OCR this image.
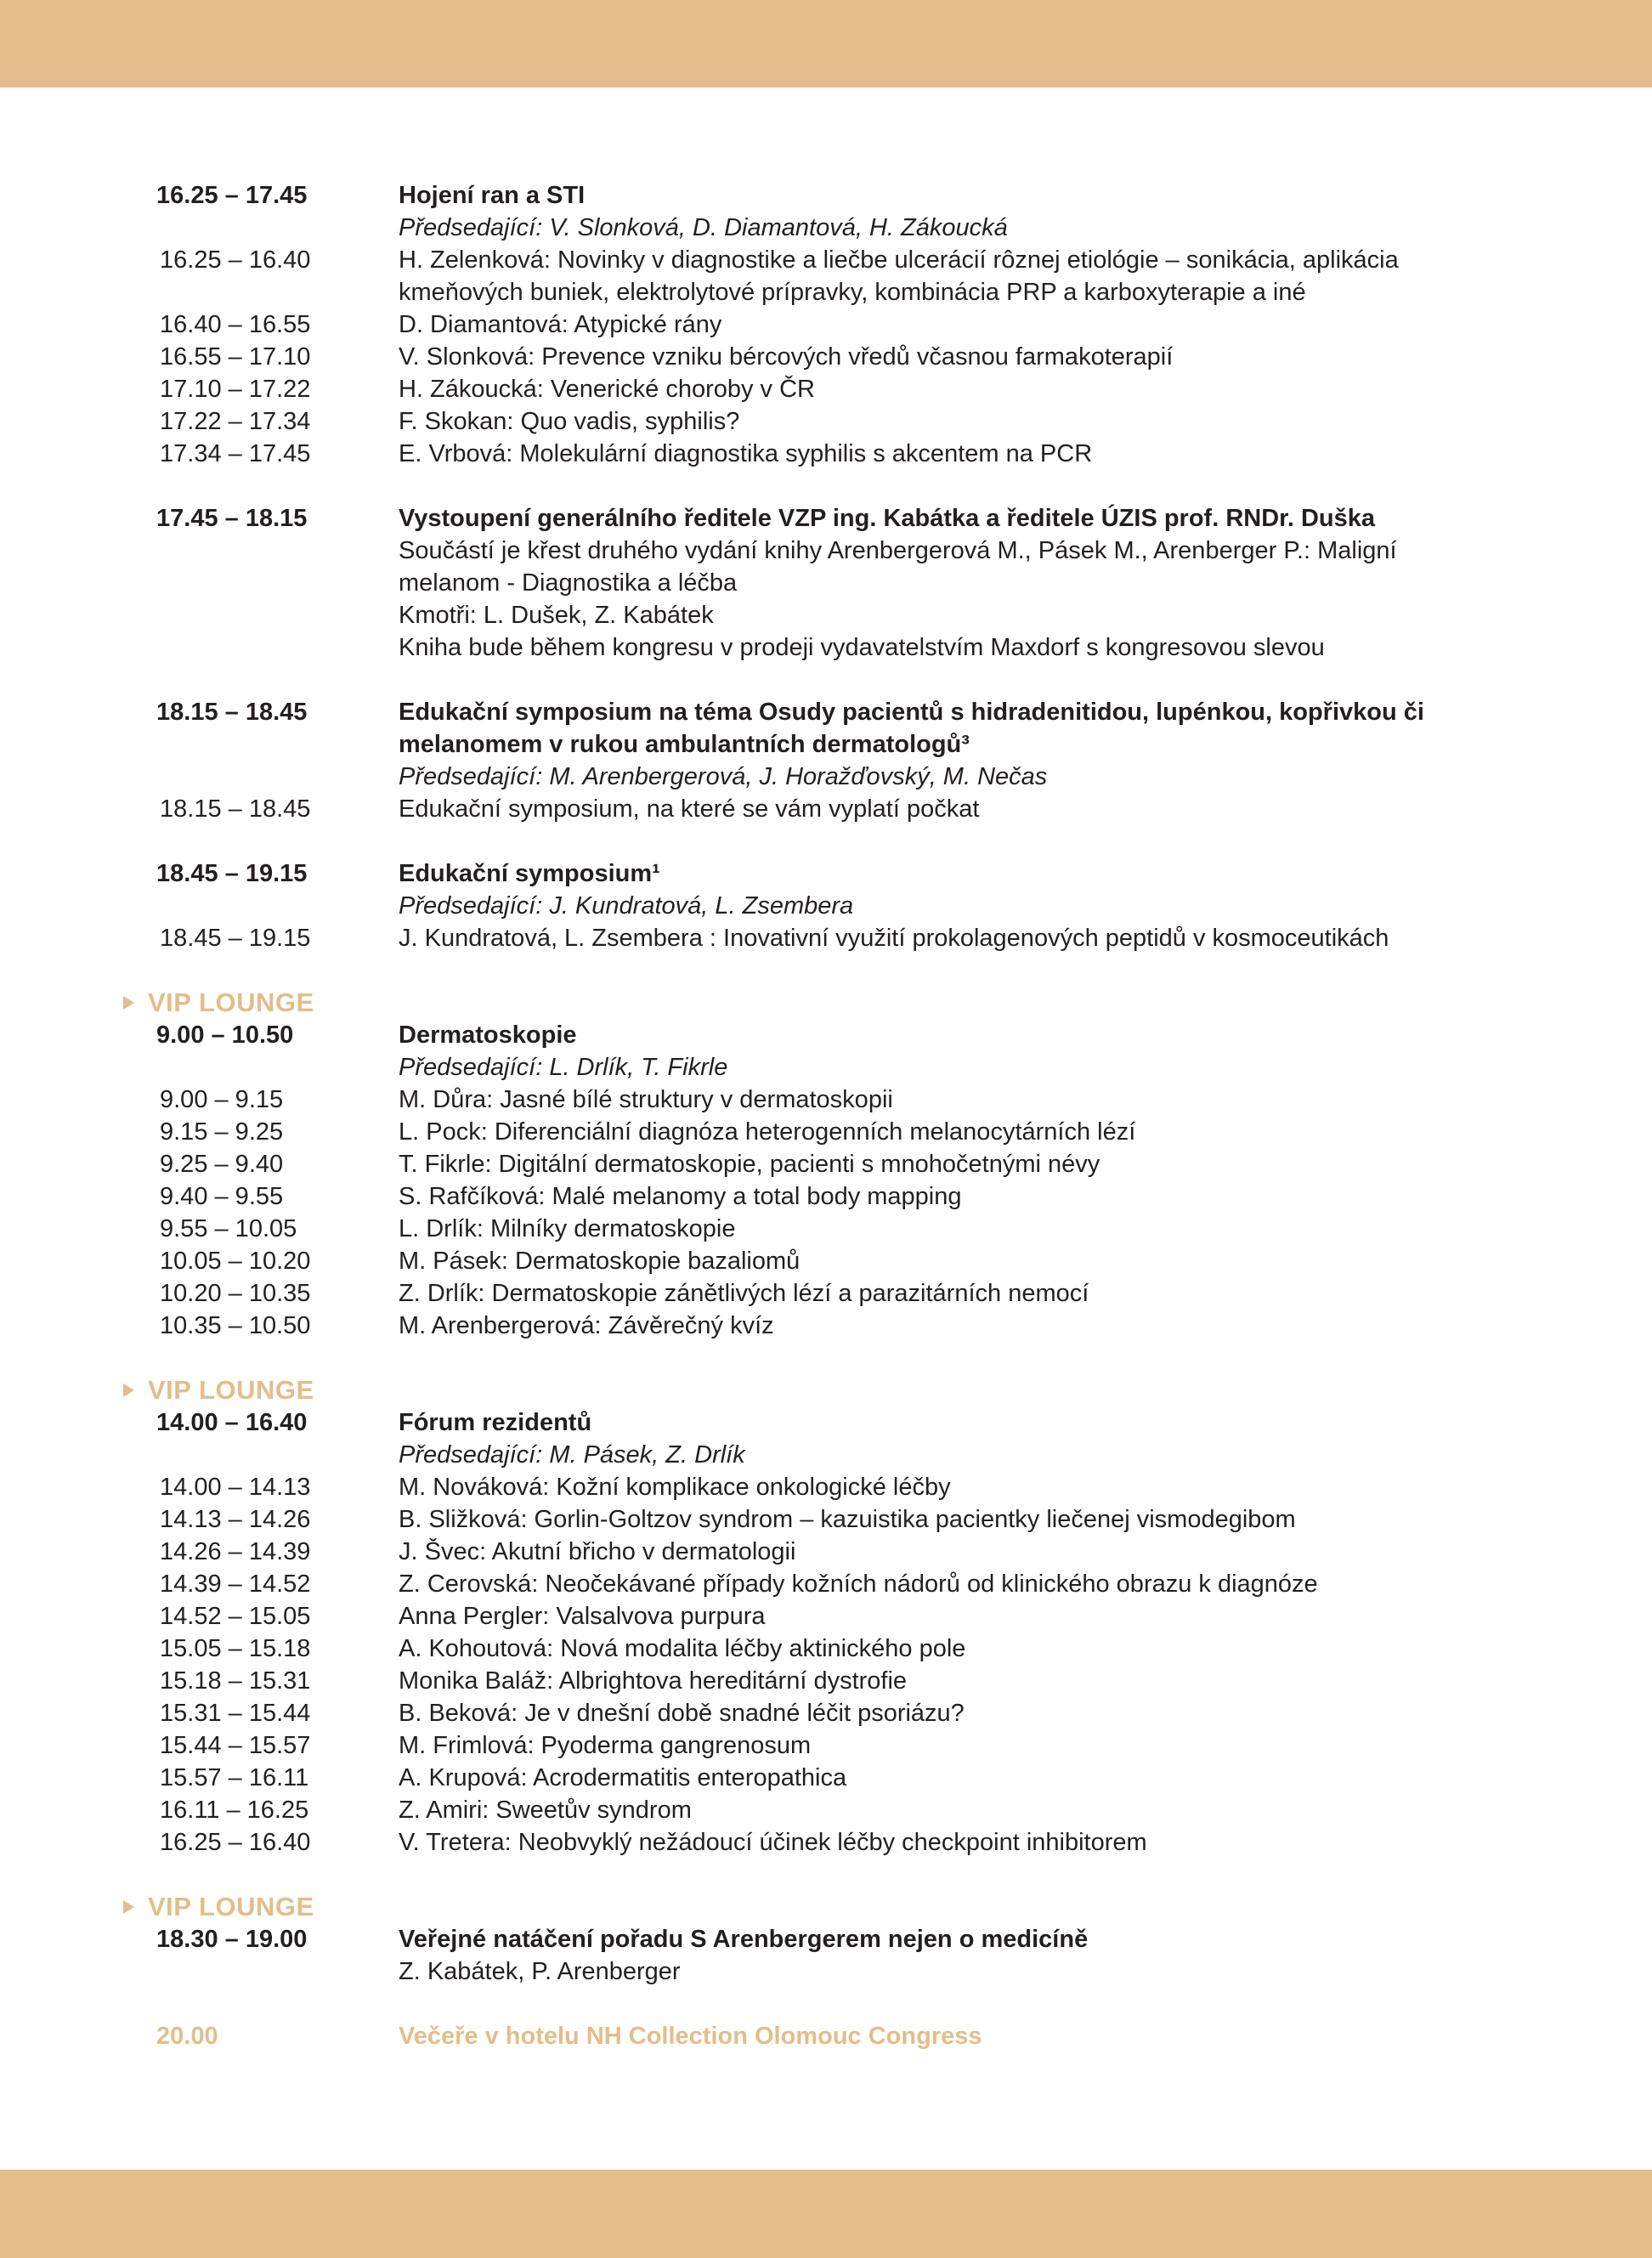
16.25 – 17.45	Hojení ran a STI
Předsedající: V. Slonková, D. Diamantová, H. Zákoucká
16.25 – 16.40	H. Zelenková: Novinky v diagnostike a liečbe ulcerácií rôznej etiológie – sonikácia, aplikácia
kmeňových buniek, elektrolytové prípravky, kombinácia PRP a karboxyterapie a iné
16.40 – 16.55	D. Diamantová: Atypické rány
16.55 – 17.10	V. Slonková: Prevence vzniku bércových vředů včasnou farmakoterapií
17.10 – 17.22	H. Zákoucká: Venerické choroby v ČR
17.22 – 17.34	F. Skokan: Quo vadis, syphilis?
17.34 – 17.45	E. Vrbová: Molekulární diagnostika syphilis s akcentem na PCR
17.45 – 18.15	Vystoupení generálního ředitele VZP ing. Kabátka a ředitele ÚZIS prof. RNDr. Duška
Součástí je křest druhého vydání knihy Arenbergerová M., Pásek M., Arenberger P.: Maligní
melanom - Diagnostika a léčba
Kmotři: L. Dušek, Z. Kabátek
Kniha bude během kongresu v prodeji vydavatelstvím Maxdorf s kongresovou slevou
18.15 – 18.45	Edukační symposium na téma Osudy pacientů s hidradenitidou, lupénkou, kopřivkou či
melanomem v rukou ambulantních dermatologů³
Předsedající: M. Arenbergerová, J. Horažďovský, M. Nečas
18.15 – 18.45	Edukační symposium, na které se vám vyplatí počkat
18.45 – 19.15	Edukační symposium¹
Předsedající: J. Kundratová, L. Zsembera
18.45 – 19.15	J. Kundratová, L. Zsembera : Inovativní využití prokolagenových peptidů v kosmoceutikách
VIP LOUNGE
9.00 – 10.50	Dermatoskopie
Předsedající: L. Drlík, T. Fikrle
9.00 – 9.15	M. Důra: Jasné bílé struktury v dermatoskopii
9.15 – 9.25	L. Pock: Diferenciální diagnóza heterogenních melanocytárních lézí
9.25 – 9.40	T. Fikrle: Digitální dermatoskopie, pacienti s mnohočetnými névy
9.40 – 9.55	S. Rafčíková: Malé melanomy a total body mapping
9.55 – 10.05	L. Drlík: Milníky dermatoskopie
10.05 – 10.20	M. Pásek: Dermatoskopie bazaliomů
10.20 – 10.35	Z. Drlík: Dermatoskopie zánětlivých lézí a parazitárních nemocí
10.35 – 10.50	M. Arenbergerová: Závěrečný kvíz
VIP LOUNGE
14.00 – 16.40	Fórum rezidentů
Předsedající: M. Pásek, Z. Drlík
14.00 – 14.13	M. Nováková: Kožní komplikace onkologické léčby
14.13 – 14.26	B. Sližková: Gorlin-Goltzov syndrom – kazuistika pacientky liečenej vismodegibom
14.26 – 14.39	J. Švec: Akutní břicho v dermatologii
14.39 – 14.52	Z. Cerovská: Neočekávané případy kožních nádorů od klinického obrazu k diagnóze
14.52 – 15.05	Anna Pergler: Valsalvova purpura
15.05 – 15.18	A. Kohoutová: Nová modalita léčby aktinického pole
15.18 – 15.31	Monika Baláž: Albrightova hereditární dystrofie
15.31 – 15.44	B. Beková: Je v dnešní době snadné léčit psoriázu?
15.44 – 15.57	M. Frimlová: Pyoderma gangrenosum
15.57 – 16.11	A. Krupová: Acrodermatitis enteropathica
16.11 – 16.25	Z. Amiri: Sweetův syndrom
16.25 – 16.40	V. Tretera: Neobvyklý nežádoucí účinek léčby checkpoint inhibitorem
VIP LOUNGE
18.30 – 19.00	Veřejné natáčení pořadu S Arenbergerem nejen o medicíně
Z. Kabátek, P. Arenberger
20.00	Večeře v hotelu NH Collection Olomouc Congress
